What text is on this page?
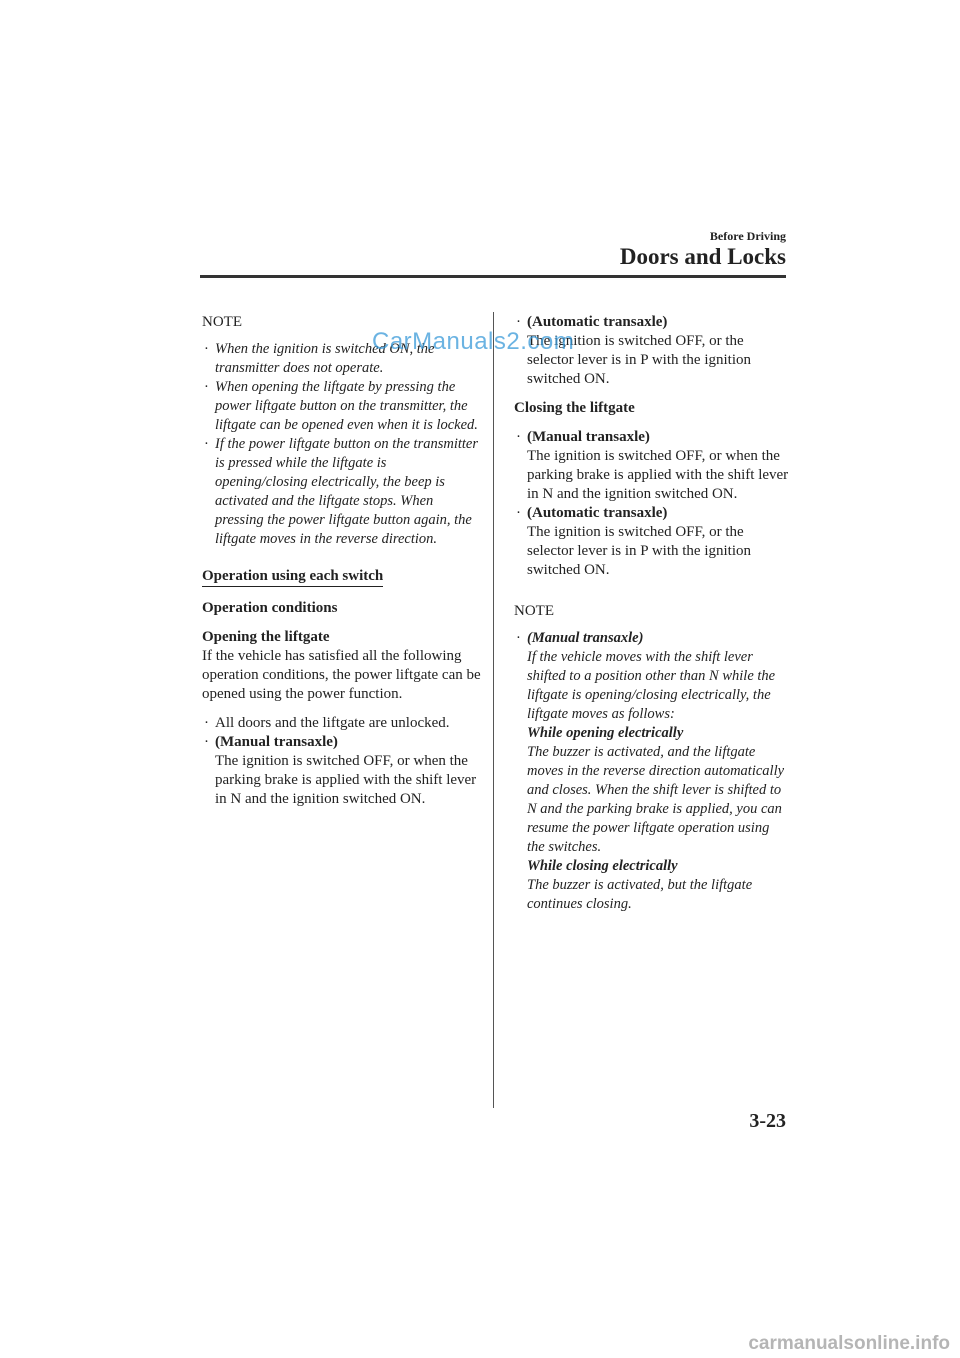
Before Driving
Doors and Locks
NOTE
· When the ignition is switched ON, the transmitter does not operate.
· When opening the liftgate by pressing the power liftgate button on the transmitter, the liftgate can be opened even when it is locked.
· If the power liftgate button on the transmitter is pressed while the liftgate is opening/closing electrically, the beep is activated and the liftgate stops. When pressing the power liftgate button again, the liftgate moves in the reverse direction.
Operation using each switch
Operation conditions
Opening the liftgate
If the vehicle has satisfied all the following operation conditions, the power liftgate can be opened using the power function.
· All doors and the liftgate are unlocked.
· (Manual transaxle)
The ignition is switched OFF, or when the parking brake is applied with the shift lever in N and the ignition switched ON.
· (Automatic transaxle)
The ignition is switched OFF, or the selector lever is in P with the ignition switched ON.
Closing the liftgate
· (Manual transaxle)
The ignition is switched OFF, or when the parking brake is applied with the shift lever in N and the ignition switched ON.
· (Automatic transaxle)
The ignition is switched OFF, or the selector lever is in P with the ignition switched ON.
NOTE
· (Manual transaxle)
If the vehicle moves with the shift lever shifted to a position other than N while the liftgate is opening/closing electrically, the liftgate moves as follows:
While opening electrically
The buzzer is activated, and the liftgate moves in the reverse direction automatically and closes. When the shift lever is shifted to N and the parking brake is applied, you can resume the power liftgate operation using the switches.
While closing electrically
The buzzer is activated, but the liftgate continues closing.
3-23
CarManuals2.com
carmanualsonline.info
